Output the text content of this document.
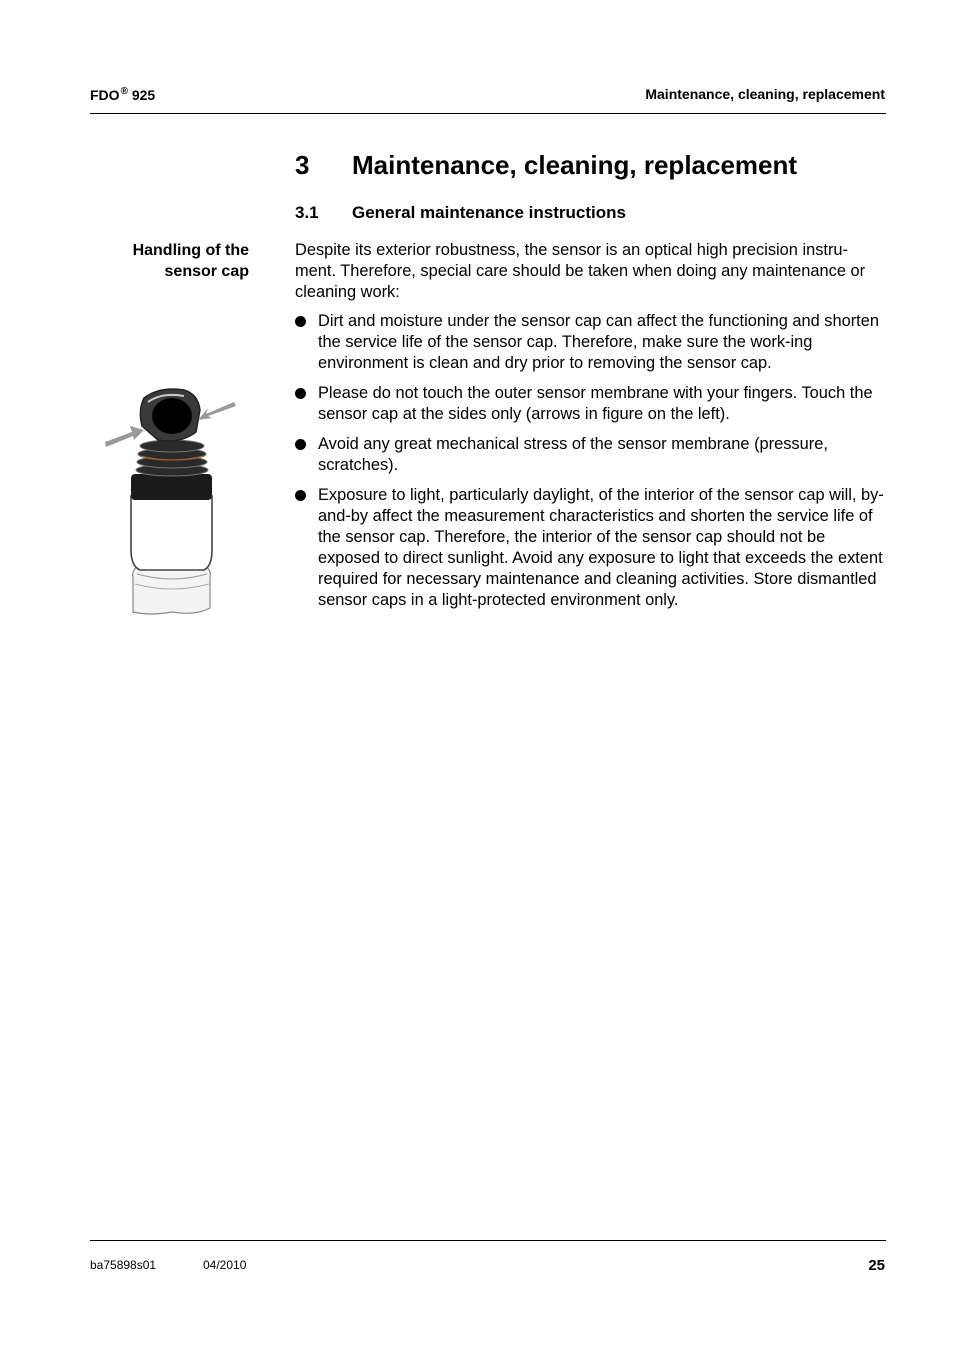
FDO® 925	Maintenance, cleaning, replacement
3 Maintenance, cleaning, replacement
3.1 General maintenance instructions
Handling of the
sensor cap

Despite its exterior robustness, the sensor is an optical high precision instru-ment. Therefore, special care should be taken when doing any maintenance or cleaning work:

Dirt and moisture under the sensor cap can affect the functioning and shorten the service life of the sensor cap. Therefore, make sure the work-ing environment is clean and dry prior to removing the sensor cap.
Please do not touch the outer sensor membrane with your fingers. Touch the sensor cap at the sides only (arrows in figure on the left).
Avoid any great mechanical stress of the sensor membrane (pressure, scratches).
Exposure to light, particularly daylight, of the interior of the sensor cap will, by-and-by affect the measurement characteristics and shorten the service life of the sensor cap. Therefore, the interior of the sensor cap should not be exposed to direct sunlight. Avoid any exposure to light that exceeds the extent required for necessary maintenance and cleaning activities. Store dismantled sensor caps in a light-protected environment only.
ba75898s01	04/2010	25
